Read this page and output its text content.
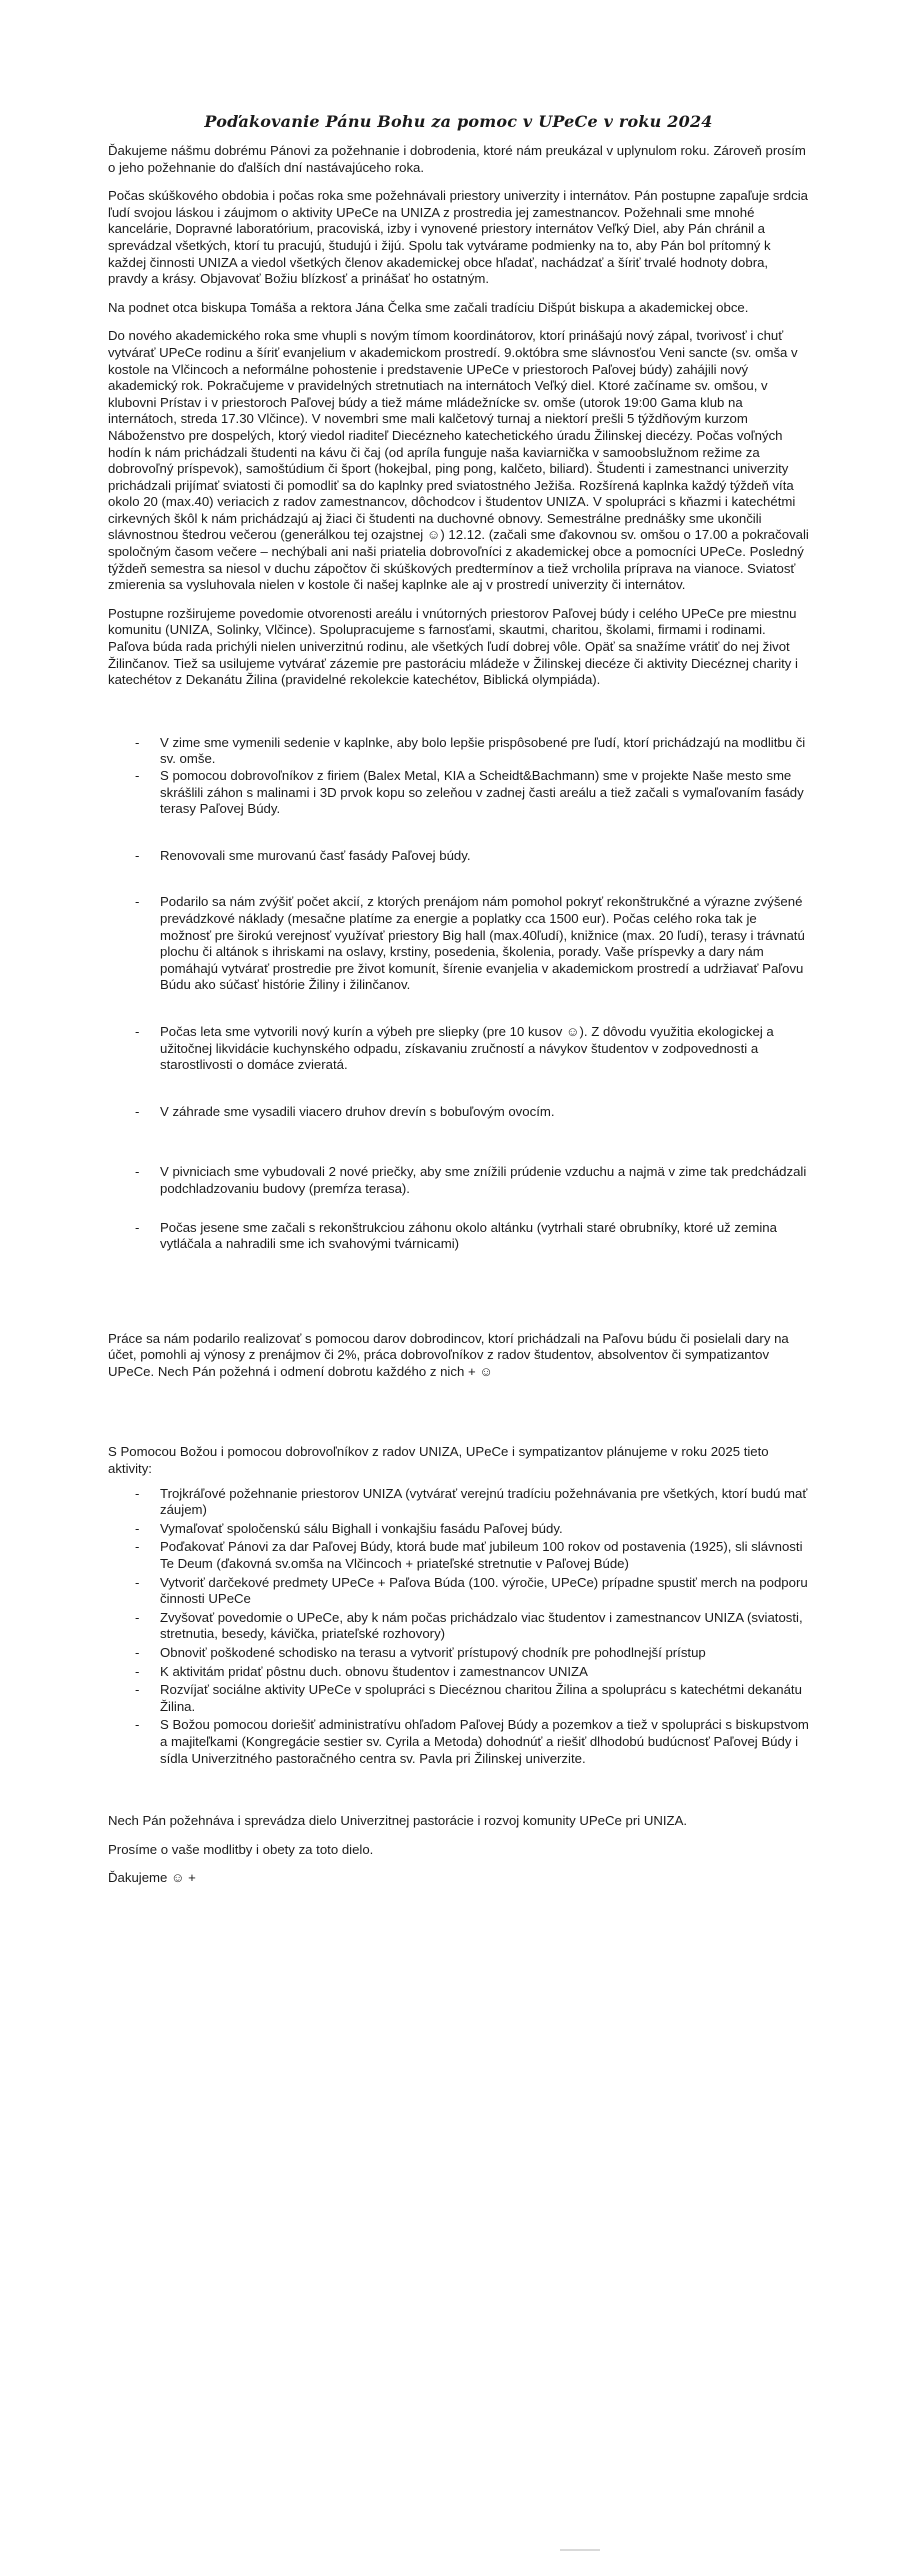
Poďakovanie Pánu Bohu za pomoc v UPeCe v roku 2024

Ďakujeme nášmu dobrému Pánovi za požehnanie i dobrodenia, ktoré nám preukázal v uplynulom roku. Zároveň prosím o jeho požehnanie do ďalších dní nastávajúceho roka.

Počas skúškového obdobia i počas roka sme požehnávali priestory univerzity i internátov. Pán postupne zapaľuje srdcia ľudí svojou láskou i záujmom o aktivity UPeCe na UNIZA z prostredia jej zamestnancov. Požehnali sme mnohé kancelárie, Dopravné laboratórium, pracoviská, izby i vynovené priestory internátov Veľký Diel, aby Pán chránil a sprevádzal všetkých, ktorí tu pracujú, študujú i žijú. Spolu tak vytvárame podmienky na to, aby Pán bol prítomný k každej činnosti UNIZA a viedol všetkých členov akademickej obce hľadať, nachádzať a šíriť trvalé hodnoty dobra, pravdy a krásy. Objavovať Božiu blízkosť a prinášať ho ostatným.

Na podnet otca biskupa Tomáša a rektora Jána Čelka sme začali tradíciu Dišpút biskupa a akademickej obce.

Do nového akademického roka sme vhupli s novým tímom koordinátorov, ktorí prinášajú nový zápal, tvorivosť i chuť vytvárať UPeCe rodinu a šíriť evanjelium v akademickom prostredí. 9.októbra sme slávnosťou Veni sancte (sv. omša v kostole na Vlčincoch a neformálne pohostenie i predstavenie UPeCe v priestoroch Paľovej búdy) zahájili nový akademický rok. Pokračujeme v pravidelných stretnutiach na internátoch Veľký diel. Ktoré začíname sv. omšou, v klubovni Prístav i v priestoroch Paľovej búdy a tiež máme mládežnícke sv. omše (utorok 19:00 Gama klub na internátoch, streda 17.30 Vlčince). V novembri sme mali kalčetový turnaj a niektorí prešli 5 týždňovým kurzom Náboženstvo pre dospelých, ktorý viedol riaditeľ Diecézneho katechetického úradu Žilinskej diecézy. Počas voľných hodín k nám prichádzali študenti na kávu či čaj (od apríla funguje naša kaviarnička v samoobslužnom režime za dobrovoľný príspevok), samoštúdium či šport (hokejbal, ping pong, kalčeto, biliard). Študenti i zamestnanci univerzity prichádzali prijímať sviatosti či pomodliť sa do kaplnky pred sviatostného Ježiša. Rozšírená kaplnka každý týždeň víta okolo 20 (max.40) veriacich z radov zamestnancov, dôchodcov i študentov UNIZA. V spolupráci s kňazmi i katechétmi cirkevných škôl k nám prichádzajú aj žiaci či študenti na duchovné obnovy. Semestrálne prednášky sme ukončili slávnostnou štedrou večerou (generálkou tej ozajstnej ☺) 12.12. (začali sme ďakovnou sv. omšou o 17.00 a pokračovali spoločným časom večere – nechýbali ani naši priatelia dobrovoľníci z akademickej obce a pomocníci UPeCe. Posledný týždeň semestra sa niesol v duchu zápočtov či skúškových predtermínov a tiež vrcholila príprava na vianoce. Sviatosť zmierenia sa vysluhovala nielen v kostole či našej kaplnke ale aj v prostredí univerzity či internátov.

Postupne rozširujeme povedomie otvorenosti areálu i vnútorných priestorov Paľovej búdy i celého UPeCe pre miestnu komunitu (UNIZA, Solinky, Vlčince). Spolupracujeme s farnosťami, skautmi, charitou, školami, firmami i rodinami. Paľova búda rada prichýli nielen univerzitnú rodinu, ale všetkých ľudí dobrej vôle. Opäť sa snažíme vrátiť do nej život Žilinčanov. Tiež sa usilujeme vytvárať zázemie pre pastoráciu mládeže v Žilinskej diecéze či aktivity Diecéznej charity i katechétov z Dekanátu Žilina (pravidelné rekolekcie katechétov, Biblická olympiáda).

- V zime sme vymenili sedenie v kaplnke, aby bolo lepšie prispôsobené pre ľudí, ktorí prichádzajú na modlitbu či sv. omše.
- S pomocou dobrovoľníkov z firiem (Balex Metal, KIA a Scheidt&Bachmann) sme v projekte Naše mesto sme skrášlili záhon s malinami i 3D prvok kopu so zeleňou v zadnej časti areálu a tiež začali s vymaľovaním fasády terasy Paľovej Búdy.
- Renovovali sme murovanú časť fasády Paľovej búdy.
- Podarilo sa nám zvýšiť počet akcií, z ktorých prenájom nám pomohol pokryť rekonštrukčné a výrazne zvýšené prevádzkové náklady (mesačne platíme za energie a poplatky cca 1500 eur). Počas celého roka tak je možnosť pre širokú verejnosť využívať priestory Big hall (max.40ľudí), knižnice (max. 20 ľudí), terasy i trávnatú plochu či altánok s ihriskami na oslavy, krstiny, posedenia, školenia, porady. Vaše príspevky a dary nám pomáhajú vytvárať prostredie pre život komunít, šírenie evanjelia v akademickom prostredí a udržiavať Paľovu Búdu ako súčasť histórie Žiliny i žilinčanov.
- Počas leta sme vytvorili nový kurín a výbeh pre sliepky (pre 10 kusov ☺). Z dôvodu využitia ekologickej a užitočnej likvidácie kuchynského odpadu, získavaniu zručností a návykov študentov v zodpovednosti a starostlivosti o domáce zvieratá.
- V záhrade sme vysadili viacero druhov drevín s bobuľovým ovocím.
- V pivniciach sme vybudovali 2 nové priečky, aby sme znížili prúdenie vzduchu a najmä v zime tak predchádzali podchladzovaniu budovy (premŕza terasa).
- Počas jesene sme začali s rekonštrukciou záhonu okolo altánku (vytrhali staré obrubníky, ktoré už zemina vytláčala a nahradili sme ich svahovými tvárnicami)

Práce sa nám podarilo realizovať s pomocou darov dobrodincov, ktorí prichádzali na Paľovu búdu či posielali dary na účet, pomohli aj výnosy z prenájmov či 2%, práca dobrovoľníkov z radov študentov, absolventov či sympatizantov UPeCe. Nech Pán požehná i odmení dobrotu každého z nich + ☺

S Pomocou Božou i pomocou dobrovoľníkov z radov UNIZA, UPeCe i sympatizantov plánujeme v roku 2025 tieto aktivity:

- Trojkráľové požehnanie priestorov UNIZA (vytvárať verejnú tradíciu požehnávania pre všetkých, ktorí budú mať záujem)
- Vymaľovať spoločenskú sálu Bighall i vonkajšiu fasádu Paľovej búdy.
- Poďakovať Pánovi za dar Paľovej Búdy, ktorá bude mať jubileum 100 rokov od postavenia (1925), sli slávnosti Te Deum (ďakovná sv.omša na Vlčincoch + priateľské stretnutie v Paľovej Búde)
- Vytvoriť darčekové predmety UPeCe + Paľova Búda (100. výročie, UPeCe) prípadne spustiť merch na podporu činnosti UPeCe
- Zvyšovať povedomie o UPeCe, aby k nám počas prichádzalo viac študentov i zamestnancov UNIZA (sviatosti, stretnutia, besedy, kávička, priateľské rozhovory)
- Obnoviť poškodené schodisko na terasu a vytvoriť prístupový chodník pre pohodlnejší prístup
- K aktivitám pridať pôstnu duch. obnovu študentov i zamestnancov UNIZA
- Rozvíjať sociálne aktivity UPeCe v spolupráci s Diecéznou charitou Žilina a spoluprácu s katechétmi dekanátu Žilina.
- S Božou pomocou doriešiť administratívu ohľadom Paľovej Búdy a pozemkov a tiež v spolupráci s biskupstvom a majiteľkami (Kongregácie sestier sv. Cyrila a Metoda) dohodnúť a riešiť dlhodobú budúcnosť Paľovej Búdy i sídla Univerzitného pastoračného centra sv. Pavla pri Žilinskej univerzite.

Nech Pán požehnáva i sprevádza dielo Univerzitnej pastorácie i rozvoj komunity UPeCe pri UNIZA.

Prosíme o vaše modlitby i obety za toto dielo.

Ďakujeme ☺ +
